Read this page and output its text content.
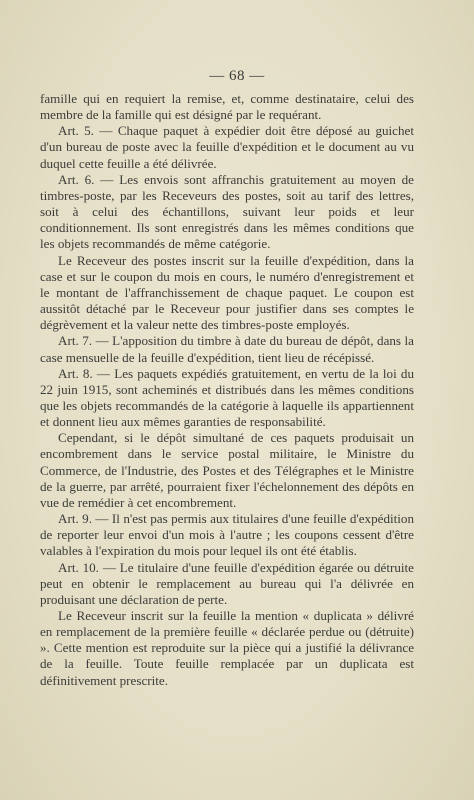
— 68 —

famille qui en requiert la remise, et, comme destinataire, celui des membre de la famille qui est désigné par le requérant.

Art. 5. — Chaque paquet à expédier doit être déposé au guichet d'un bureau de poste avec la feuille d'expédition et le document au vu duquel cette feuille a été délivrée.

Art. 6. — Les envois sont affranchis gratuitement au moyen de timbres-poste, par les Receveurs des postes, soit au tarif des lettres, soit à celui des échantillons, suivant leur poids et leur conditionnement. Ils sont enregistrés dans les mêmes conditions que les objets recommandés de même catégorie.

Le Receveur des postes inscrit sur la feuille d'expédition, dans la case et sur le coupon du mois en cours, le numéro d'enregistrement et le montant de l'affranchissement de chaque paquet. Le coupon est aussitôt détaché par le Receveur pour justifier dans ses comptes le dégrèvement et la valeur nette des timbres-poste employés.

Art. 7. — L'apposition du timbre à date du bureau de dépôt, dans la case mensuelle de la feuille d'expédition, tient lieu de récépissé.

Art. 8. — Les paquets expédiés gratuitement, en vertu de la loi du 22 juin 1915, sont acheminés et distribués dans les mêmes conditions que les objets recommandés de la catégorie à laquelle ils appartiennent et donnent lieu aux mêmes garanties de responsabilité.

Cependant, si le dépôt simultané de ces paquets produisait un encombrement dans le service postal militaire, le Ministre du Commerce, de l'Industrie, des Postes et des Télégraphes et le Ministre de la guerre, par arrêté, pourraient fixer l'échelonnement des dépôts en vue de remédier à cet encombrement.

Art. 9. — Il n'est pas permis aux titulaires d'une feuille d'expédition de reporter leur envoi d'un mois à l'autre ; les coupons cessent d'être valables à l'expiration du mois pour lequel ils ont été établis.

Art. 10. — Le titulaire d'une feuille d'expédition égarée ou détruite peut en obtenir le remplacement au bureau qui l'a délivrée en produisant une déclaration de perte.

Le Receveur inscrit sur la feuille la mention « duplicata » délivré en remplacement de la première feuille « déclarée perdue ou (détruite) ». Cette mention est reproduite sur la pièce qui a justifié la délivrance de la feuille. Toute feuille remplacée par un duplicata est définitivement prescrite.
